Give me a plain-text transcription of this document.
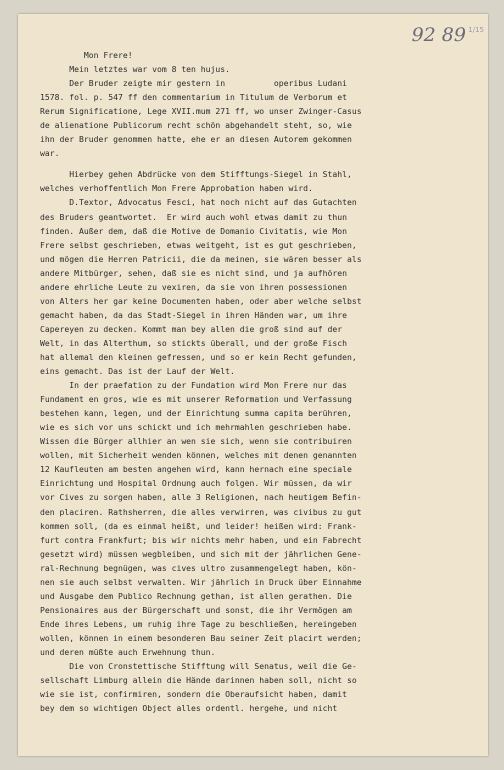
92 89 1/15
Mon Frere!
Mein letztes war vom 8 ten hujus.
Der Bruder zeigte mir gestern in          operibus Ludani
1578. fol. p. 547 ff den commentarium in Titulum de Verborum et
Rerum Significatione, Lege XVII.mum 271 ff, wo unser Zwinger-Casus
de alienatione Publicorum recht schön abgehandelt steht, so, wie
ihn der Bruder genommen hatte, ehe er an diesen Autorem gekommen
war.
Hierbey gehen Abdrücke von dem Stifftungs-Siegel in Stahl,
welches verhoffentlich Mon Frere Approbation haben wird.
D.Textor, Advocatus Fesci, hat noch nicht auf das Gutachten
des Bruders geantwortet.  Er wird auch wohl etwas damit zu thun
finden. Außer dem, daß die Motive de Domanio Civitatis, wie Mon
Frere selbst geschrieben, etwas weitgeht, ist es gut geschrieben,
und mögen die Herren Patricii, die da meinen, sie wären besser als
andere Mitbürger, sehen, daß sie es nicht sind, und ja aufhören
andere ehrliche Leute zu vexiren, da sie von ihren possessionen
von Alters her gar keine Documenten haben, oder aber welche selbst
gemacht haben, da das Stadt-Siegel in ihren Händen war, um ihre
Capereyen zu decken. Kommt man bey allen die groß sind auf der
Welt, in das Alterthum, so stickts überall, und der große Fisch
hat allemal den kleinen gefressen, und so er kein Recht gefunden,
eins gemacht. Das ist der Lauf der Welt.
In der praefation zu der Fundation wird Mon Frere nur das
Fundament en gros, wie es mit unserer Reformation und Verfassung
bestehen kann, legen, und der Einrichtung summa capita berühren,
wie es sich vor uns schickt und ich mehrmahlen geschrieben habe.
Wissen die Bürger allhier an wen sie sich, wenn sie contribuiren
wollen, mit Sicherheit wenden können, welches mit denen genannten
12 Kaufleuten am besten angehen wird, kann hernach eine speciale
Einrichtung und Hospital Ordnung auch folgen. Wir müssen, da wir
vor Cives zu sorgen haben, alle 3 Religionen, nach heutigem Befin-
den placiren. Rathsherren, die alles verwirren, was civibus zu gut
kommen soll, (da es einmal heißt, und leider! heißen wird: Frank-
furt contra Frankfurt; bis wir nichts mehr haben, und ein Fabrecht
gesetzt wird) müssen wegbleiben, und sich mit der jährlichen Gene-
ral-Rechnung begnügen, was cives ultro zusammengelegt haben, kön-
nen sie auch selbst verwalten. Wir jährlich in Druck über Einnahme
und Ausgabe dem Publico Rechnung gethan, ist allen gerathen. Die
Pensionaires aus der Bürgerschaft und sonst, die ihr Vermögen am
Ende ihres Lebens, um ruhig ihre Tage zu beschließen, hereingeben
wollen, können in einem besonderen Bau seiner Zeit placirt werden;
und deren müßte auch Erwehnung thun.
Die von Cronstettische Stifftung will Senatus, weil die Ge-
sellschaft Limburg allein die Hände darinnen haben soll, nicht so
wie sie ist, confirmiren, sondern die Oberaufsicht haben, damit
bey dem so wichtigen Object alles ordentl. hergehe, und nicht
